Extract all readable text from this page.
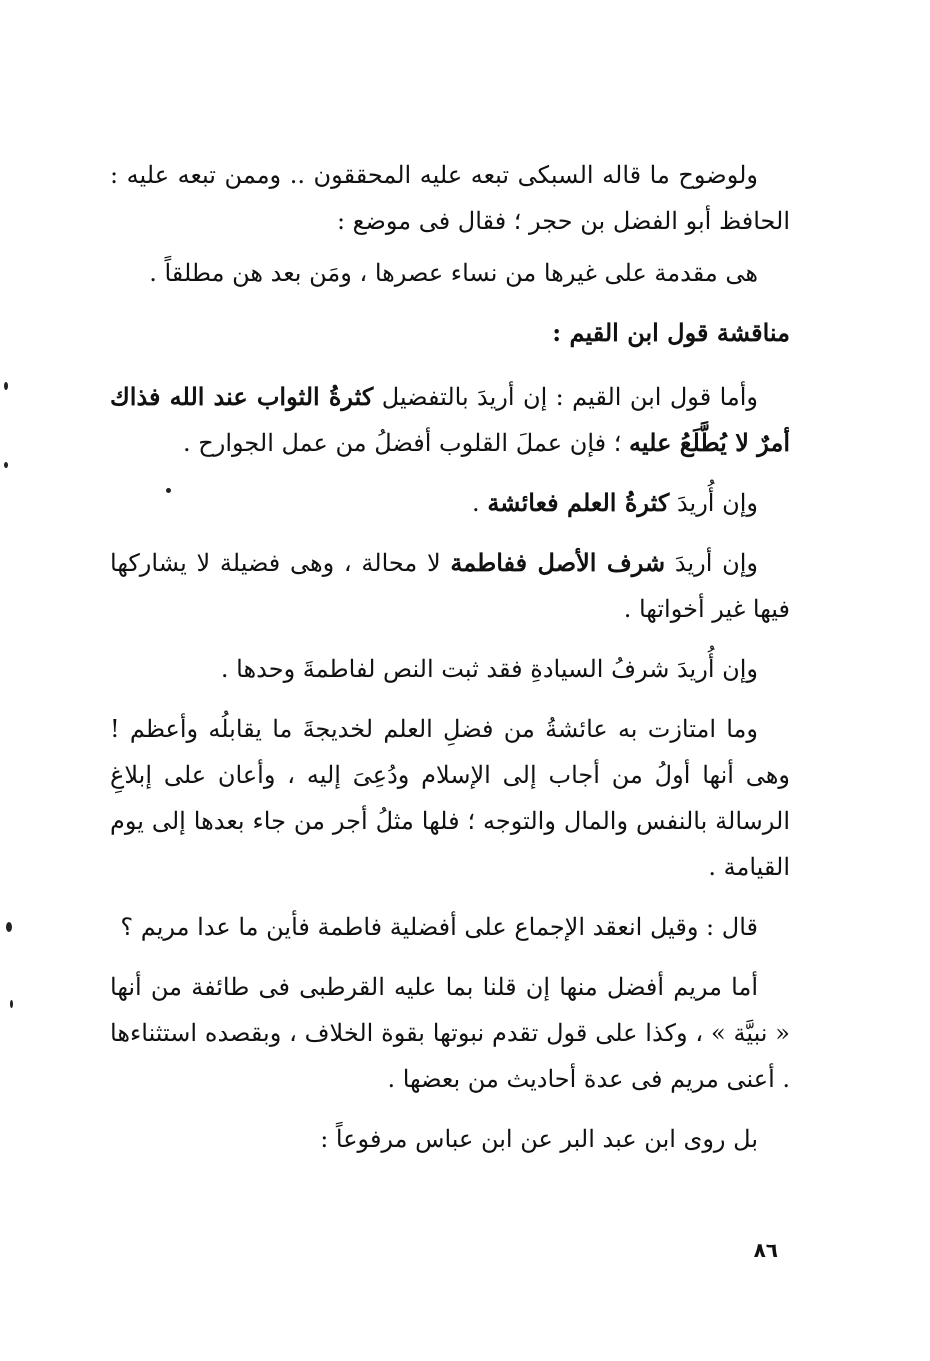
ولوضوح ما قاله السبكى تبعه عليه المحققون .. وممن تبعه عليه : الحافظ أبو الفضل بن حجر ؛ فقال فى موضع :

هى مقدمة على غيرها من نساء عصرها ، ومَن بعد هن مطلقاً .

مناقشة قول ابن القيم :

وأما قول ابن القيم : إن أريدَ بالتفضيل كثرةُ الثواب عند الله فذاك أمرٌ لا يُطَّلَعُ عليه ؛ فإن عملَ القلوب أفضلُ من عمل الجوارح .

وإن أُريدَ كثرةُ العلم فعائشة .

وإن أريدَ شرف الأصل ففاطمة لا محالة ، وهى فضيلة لا يشاركها فيها غير أخواتها .

وإن أُريدَ شرفُ السيادةِ فقد ثبت النص لفاطمةَ وحدها .

وما امتازت به عائشةُ من فضلِ العلم لخديجةَ ما يقابلُه وأعظم ! وهى أنها أولُ من أجاب إلى الإسلام ودُعِىَ إليه ، وأعان على إبلاغِ الرسالة بالنفس والمال والتوجه ؛ فلها مثلُ أجر من جاء بعدها إلى يوم القيامة .

قال : وقيل انعقد الإجماع على أفضلية فاطمة فأين ما عدا مريم ؟

أما مريم أفضل منها إن قلنا بما عليه القرطبى فى طائفة من أنها « نبيَّة » ، وكذا على قول تقدم نبوتها بقوة الخلاف ، وبقصده استثناءها . أعنى مريم فى عدة أحاديث من بعضها .

بل روى ابن عبد البر عن ابن عباس مرفوعاً :

٨٦
